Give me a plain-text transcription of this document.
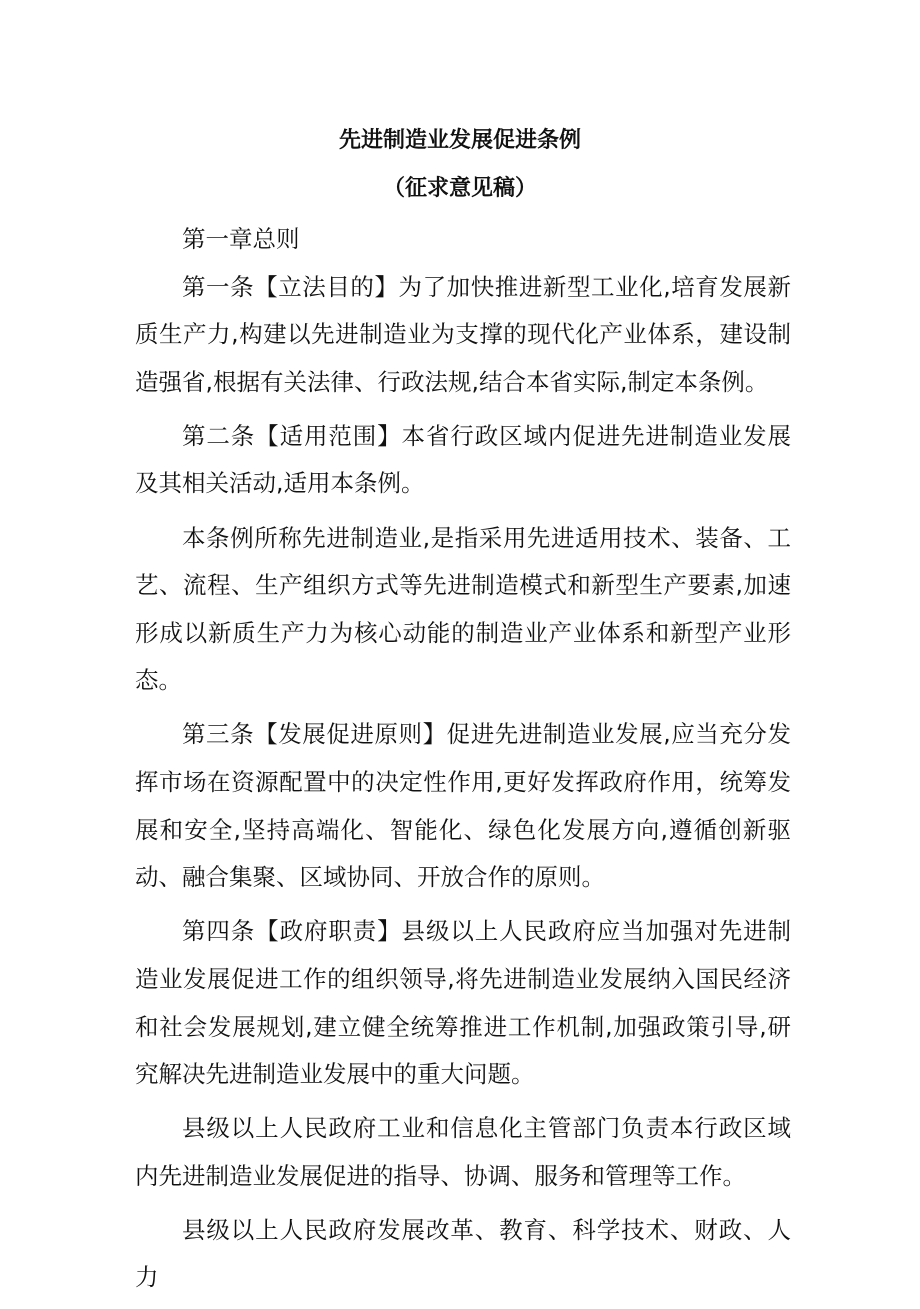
先进制造业发展促进条例
（征求意见稿）

第一章总则

第一条【立法目的】为了加快推进新型工业化,培育发展新质生产力,构建以先进制造业为支撑的现代化产业体系，建设制造强省,根据有关法律、行政法规,结合本省实际,制定本条例。

第二条【适用范围】本省行政区域内促进先进制造业发展及其相关活动,适用本条例。

本条例所称先进制造业,是指采用先进适用技术、装备、工艺、流程、生产组织方式等先进制造模式和新型生产要素,加速形成以新质生产力为核心动能的制造业产业体系和新型产业形态。

第三条【发展促进原则】促进先进制造业发展,应当充分发挥市场在资源配置中的决定性作用,更好发挥政府作用，统筹发展和安全,坚持高端化、智能化、绿色化发展方向,遵循创新驱动、融合集聚、区域协同、开放合作的原则。

第四条【政府职责】县级以上人民政府应当加强对先进制造业发展促进工作的组织领导,将先进制造业发展纳入国民经济和社会发展规划,建立健全统筹推进工作机制,加强政策引导,研究解决先进制造业发展中的重大问题。

县级以上人民政府工业和信息化主管部门负责本行政区域内先进制造业发展促进的指导、协调、服务和管理等工作。

县级以上人民政府发展改革、教育、科学技术、财政、人力
